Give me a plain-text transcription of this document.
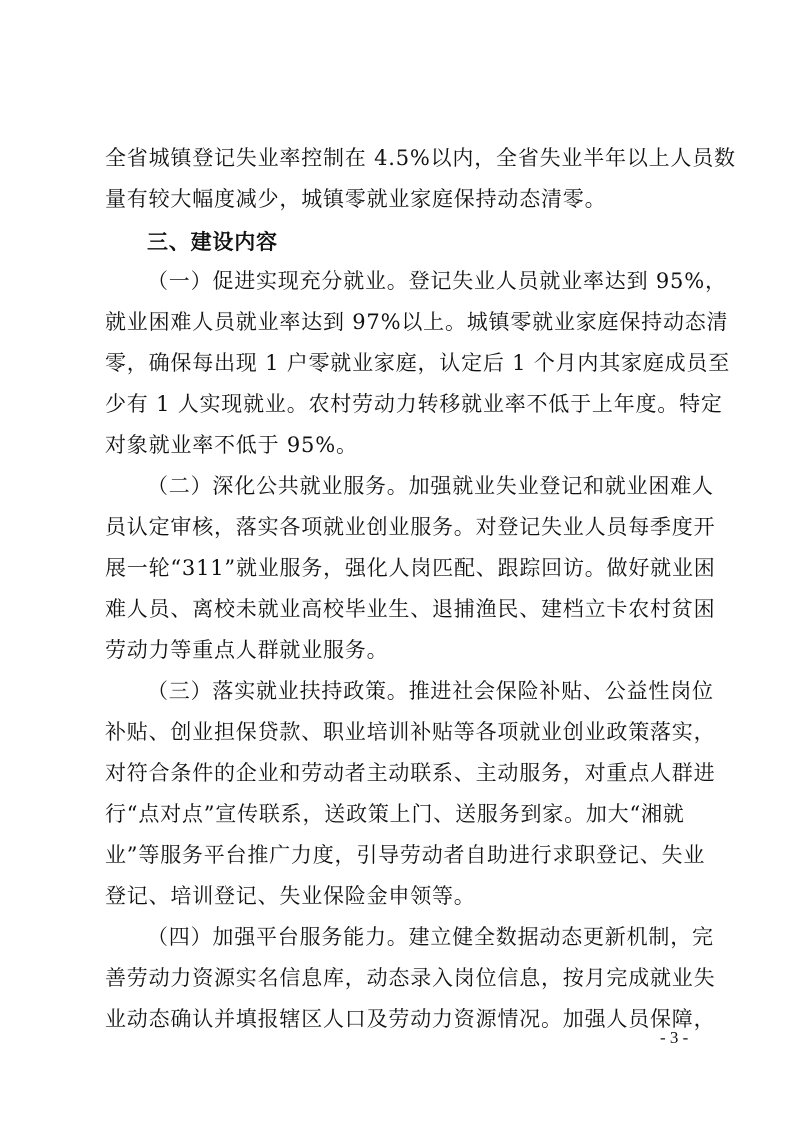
全省城镇登记失业率控制在 4.5%以内，全省失业半年以上人员数
量有较大幅度减少，城镇零就业家庭保持动态清零。
三、建设内容
（一）促进实现充分就业。登记失业人员就业率达到 95%，
就业困难人员就业率达到 97%以上。城镇零就业家庭保持动态清
零，确保每出现 1 户零就业家庭，认定后 1 个月内其家庭成员至
少有 1 人实现就业。农村劳动力转移就业率不低于上年度。特定
对象就业率不低于 95%。
（二）深化公共就业服务。加强就业失业登记和就业困难人
员认定审核，落实各项就业创业服务。对登记失业人员每季度开
展一轮“311”就业服务，强化人岗匹配、跟踪回访。做好就业困
难人员、离校未就业高校毕业生、退捕渔民、建档立卡农村贫困
劳动力等重点人群就业服务。
（三）落实就业扶持政策。推进社会保险补贴、公益性岗位
补贴、创业担保贷款、职业培训补贴等各项就业创业政策落实，
对符合条件的企业和劳动者主动联系、主动服务，对重点人群进
行“点对点”宣传联系，送政策上门、送服务到家。加大“湘就
业”等服务平台推广力度，引导劳动者自助进行求职登记、失业
登记、培训登记、失业保险金申领等。
（四）加强平台服务能力。建立健全数据动态更新机制，完
善劳动力资源实名信息库，动态录入岗位信息，按月完成就业失
业动态确认并填报辖区人口及劳动力资源情况。加强人员保障，
- 3 -
